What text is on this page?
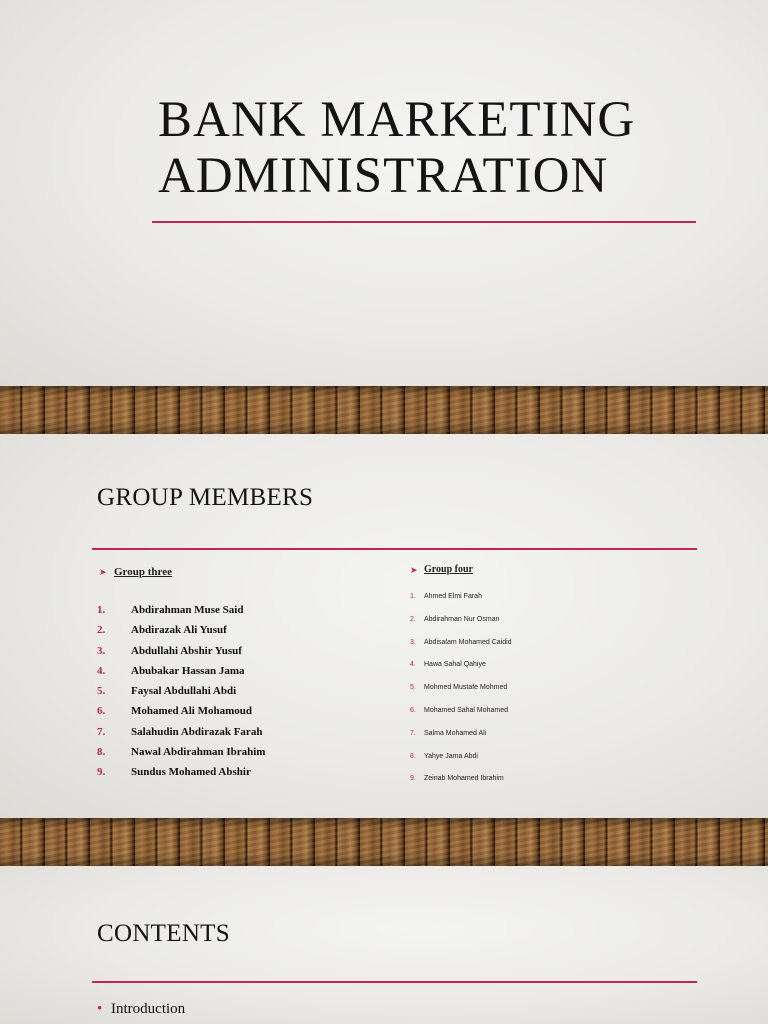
BANK MARKETING
ADMINISTRATION
GROUP MEMBERS
➤ Group three
1. Abdirahman Muse Said
2. Abdirazak Ali Yusuf
3. Abdullahi Abshir Yusuf
4. Abubakar Hassan Jama
5. Faysal Abdullahi Abdi
6. Mohamed Ali Mohamoud
7. Salahudin Abdirazak Farah
8. Nawal Abdirahman Ibrahim
9. Sundus Mohamed Abshir
➤ Group four
1. Ahmed Elmi Farah
2. Abdirahman Nur Osman
3. Abdisalam Mohamed Caidid
4. Hawa Sahal Qahiye
5. Mohmed Mustafe Mohmed
6. Mohamed Sahal Mohamed
7. Salma Mohamed Ali
8. Yahye Jama Abdi
9. Zeinab Mohamed Ibrahim
CONTENTS
• Introduction
